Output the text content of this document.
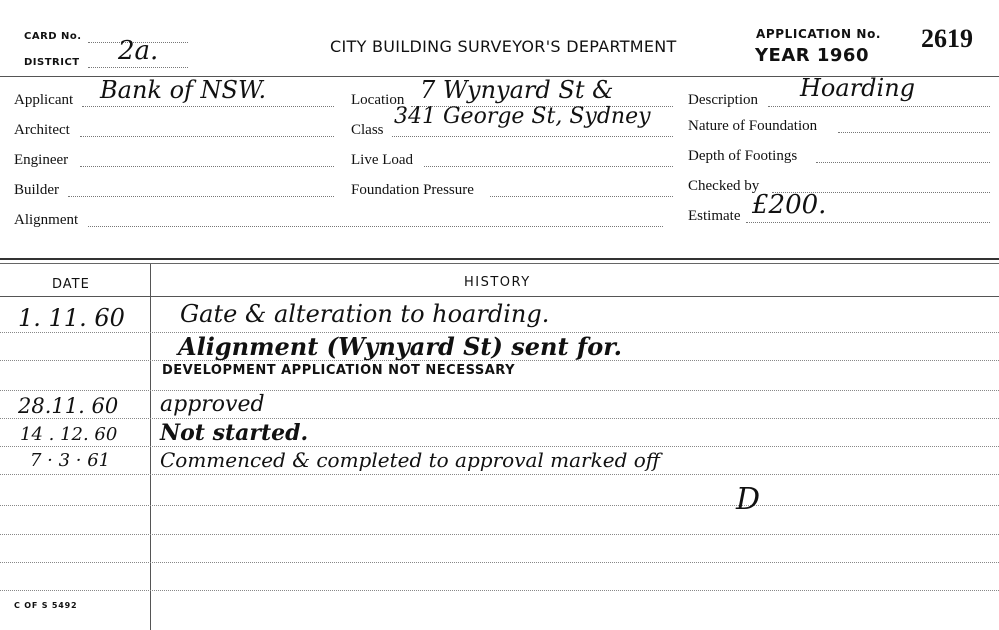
CARD No.
DISTRICT 2a.	CITY BUILDING SURVEYOR'S DEPARTMENT
APPLICATION No. 2619
YEAR 1960
Applicant Bank of NSW.
Architect
Engineer
Builder
Alignment
Location 7 Wynyard St &
Class
341 George St, Sydney
Live Load
Foundation Pressure
Description Hoarding
Nature of Foundation
Depth of Footings
Checked by
Estimate £200.
DATE	HISTORY
1. 11. 60 Gate & alteration to hoarding.
Alignment (Wynyard St) sent for.
DEVELOPMENT APPLICATION NOT NECESSARY
28.11. 60 approved
14 . 12. 60 Not started.
7 · 3 · 61 Commenced & completed to approval marked off
D
C OF S 5492
